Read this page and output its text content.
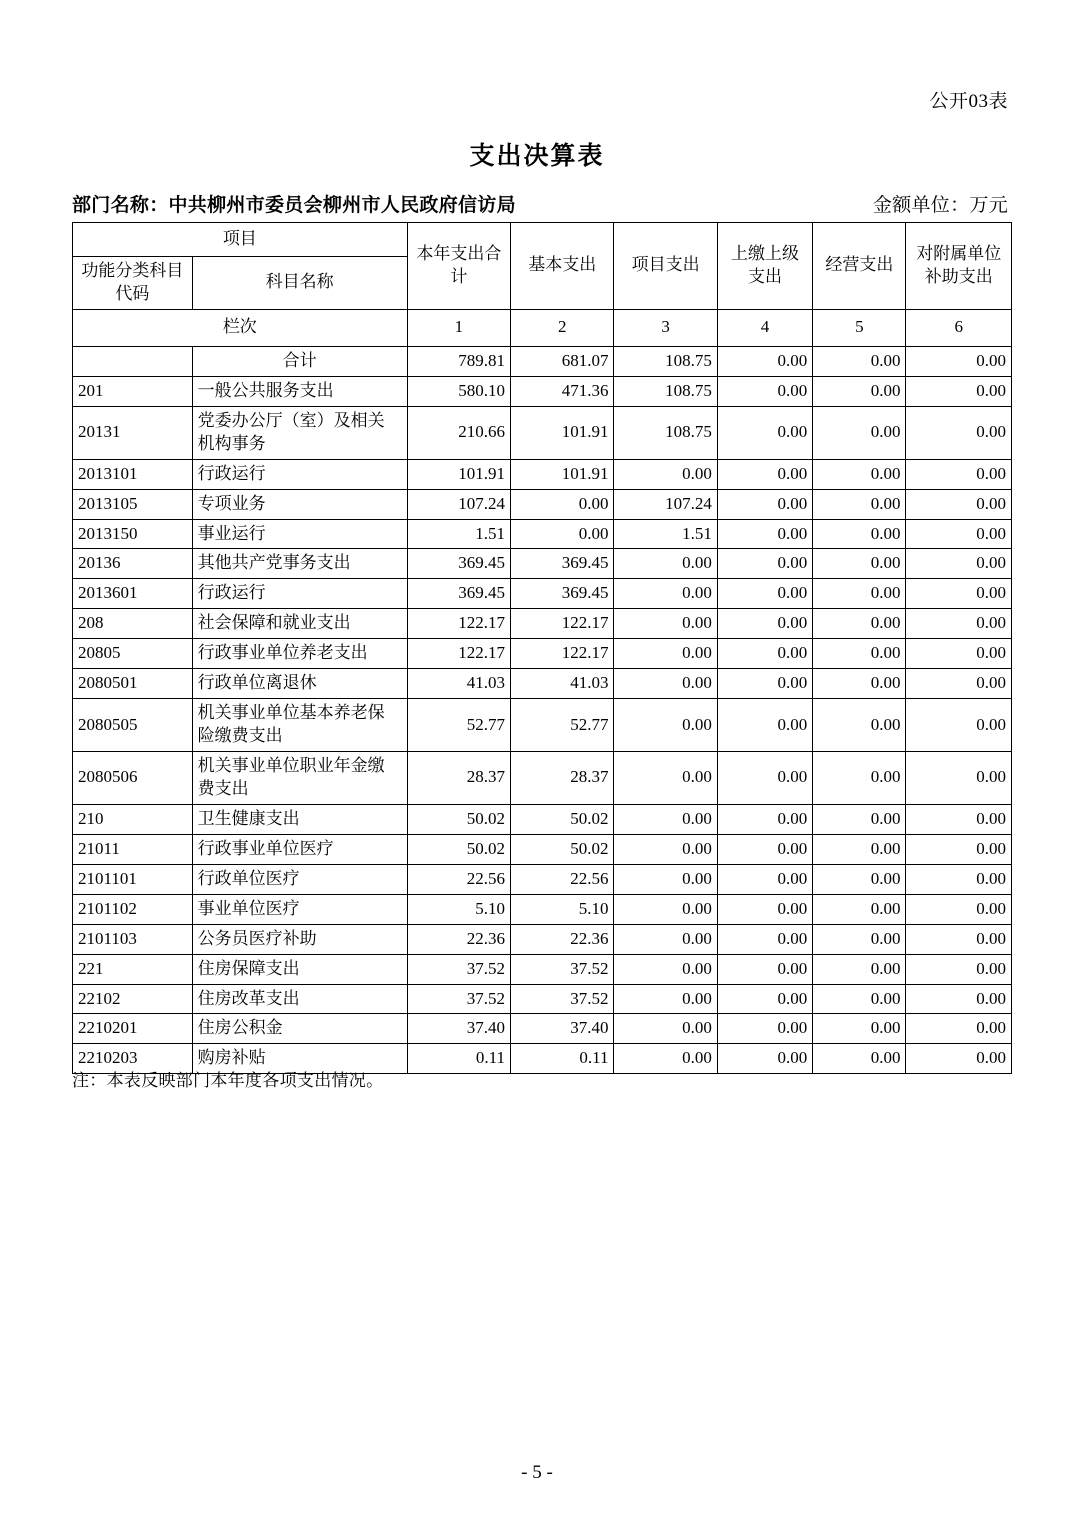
公开03表
支出决算表
部门名称：中共柳州市委员会柳州市人民政府信访局	金额单位：万元
项目		本年支出合计	基本支出	项目支出	上缴上级支出	经营支出	对附属单位补助支出
功能分类科目代码	科目名称						
栏次		1	2	3	4	5	6
	合计	789.81	681.07	108.75	0.00	0.00	0.00
201	一般公共服务支出	580.10	471.36	108.75	0.00	0.00	0.00
20131	党委办公厅（室）及相关机构事务	210.66	101.91	108.75	0.00	0.00	0.00
2013101	行政运行	101.91	101.91	0.00	0.00	0.00	0.00
2013105	专项业务	107.24	0.00	107.24	0.00	0.00	0.00
2013150	事业运行	1.51	0.00	1.51	0.00	0.00	0.00
20136	其他共产党事务支出	369.45	369.45	0.00	0.00	0.00	0.00
2013601	行政运行	369.45	369.45	0.00	0.00	0.00	0.00
208	社会保障和就业支出	122.17	122.17	0.00	0.00	0.00	0.00
20805	行政事业单位养老支出	122.17	122.17	0.00	0.00	0.00	0.00
2080501	行政单位离退休	41.03	41.03	0.00	0.00	0.00	0.00
2080505	机关事业单位基本养老保险缴费支出	52.77	52.77	0.00	0.00	0.00	0.00
2080506	机关事业单位职业年金缴费支出	28.37	28.37	0.00	0.00	0.00	0.00
210	卫生健康支出	50.02	50.02	0.00	0.00	0.00	0.00
21011	行政事业单位医疗	50.02	50.02	0.00	0.00	0.00	0.00
2101101	行政单位医疗	22.56	22.56	0.00	0.00	0.00	0.00
2101102	事业单位医疗	5.10	5.10	0.00	0.00	0.00	0.00
2101103	公务员医疗补助	22.36	22.36	0.00	0.00	0.00	0.00
221	住房保障支出	37.52	37.52	0.00	0.00	0.00	0.00
22102	住房改革支出	37.52	37.52	0.00	0.00	0.00	0.00
2210201	住房公积金	37.40	37.40	0.00	0.00	0.00	0.00
2210203	购房补贴	0.11	0.11	0.00	0.00	0.00	0.00
注：本表反映部门本年度各项支出情况。
- 5 -
